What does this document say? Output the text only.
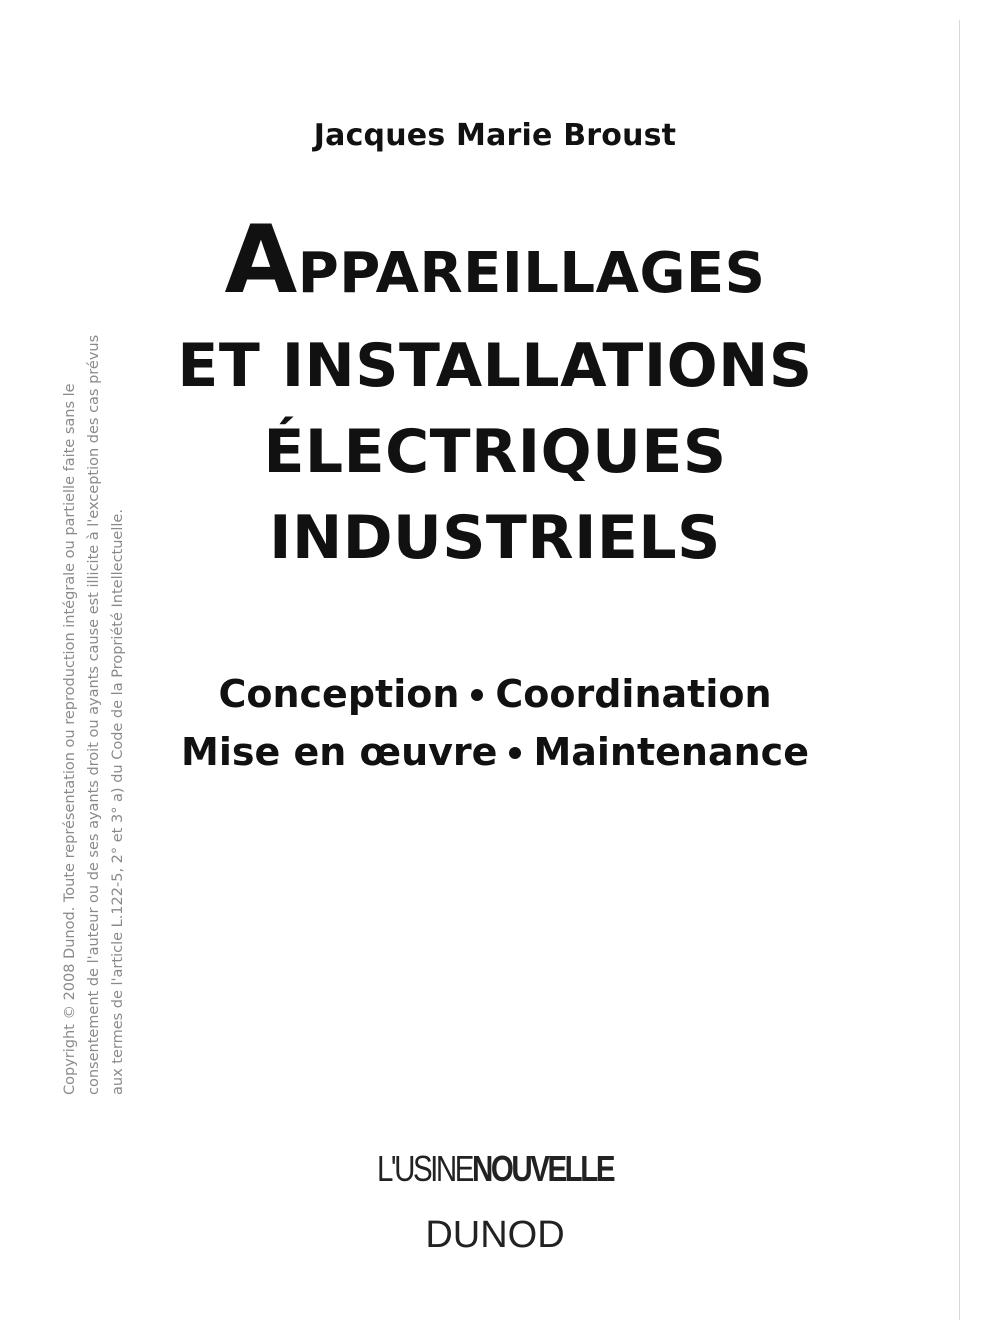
Jacques Marie Broust
APPAREILLAGES
ET INSTALLATIONS
ÉLECTRIQUES
INDUSTRIELS
Conception Coordination
Mise en œuvre Maintenance
Copyright © 2008 Dunod. Toute représentation ou reproduction intégrale ou partielle faite sans le consentement de l'auteur ou de ses ayants droit ou ayants cause est illicite à l'exception des cas prévus aux termes de l'article L.122-5, 2° et 3° a) du Code de la Propriété Intellectuelle.
L'USINENOUVELLE
DUNOD
